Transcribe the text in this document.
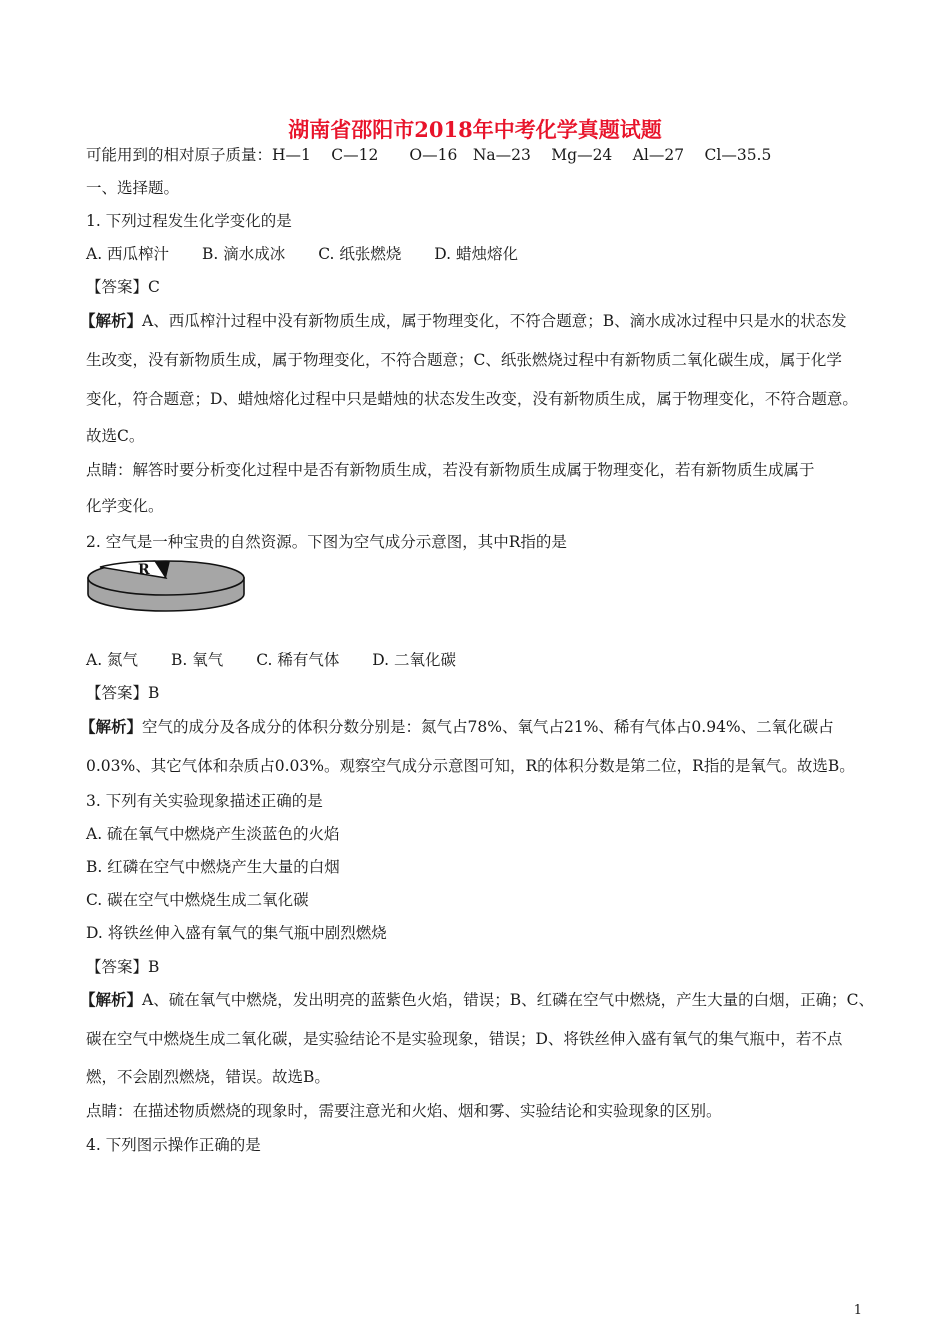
湖南省邵阳市2018年中考化学真题试题
可能用到的相对原子质量：H—1　 C—12　　O—16　Na—23　 Mg—24　 Al—27　 Cl—35.5
一、选择题。
1. 下列过程发生化学变化的是
A. 西瓜榨汁 B. 滴水成冰 C. 纸张燃烧 D. 蜡烛熔化
【答案】C
【解析】A、西瓜榨汁过程中没有新物质生成，属于物理变化，不符合题意；B、滴水成冰过程中只是水的状态发
生改变，没有新物质生成，属于物理变化，不符合题意；C、纸张燃烧过程中有新物质二氧化碳生成，属于化学
变化，符合题意；D、蜡烛熔化过程中只是蜡烛的状态发生改变，没有新物质生成，属于物理变化，不符合题意。
故选C。
点睛：解答时要分析变化过程中是否有新物质生成，若没有新物质生成属于物理变化，若有新物质生成属于
化学变化。
2. 空气是一种宝贵的自然资源。下图为空气成分示意图，其中R指的是
R
A. 氮气 B. 氧气 C. 稀有气体 D. 二氧化碳
【答案】B
【解析】空气的成分及各成分的体积分数分别是：氮气占78%、氧气占21%、稀有气体占0.94%、二氧化碳占
0.03%、其它气体和杂质占0.03%。观察空气成分示意图可知，R的体积分数是第二位，R指的是氧气。故选B。
3. 下列有关实验现象描述正确的是
A. 硫在氧气中燃烧产生淡蓝色的火焰
B. 红磷在空气中燃烧产生大量的白烟
C. 碳在空气中燃烧生成二氧化碳
D. 将铁丝伸入盛有氧气的集气瓶中剧烈燃烧
【答案】B
【解析】A、硫在氧气中燃烧，发出明亮的蓝紫色火焰，错误；B、红磷在空气中燃烧，产生大量的白烟，正确；C、
碳在空气中燃烧生成二氧化碳，是实验结论不是实验现象，错误；D、将铁丝伸入盛有氧气的集气瓶中，若不点
燃，不会剧烈燃烧，错误。故选B。
点睛：在描述物质燃烧的现象时，需要注意光和火焰、烟和雾、实验结论和实验现象的区别。
4. 下列图示操作正确的是
1
